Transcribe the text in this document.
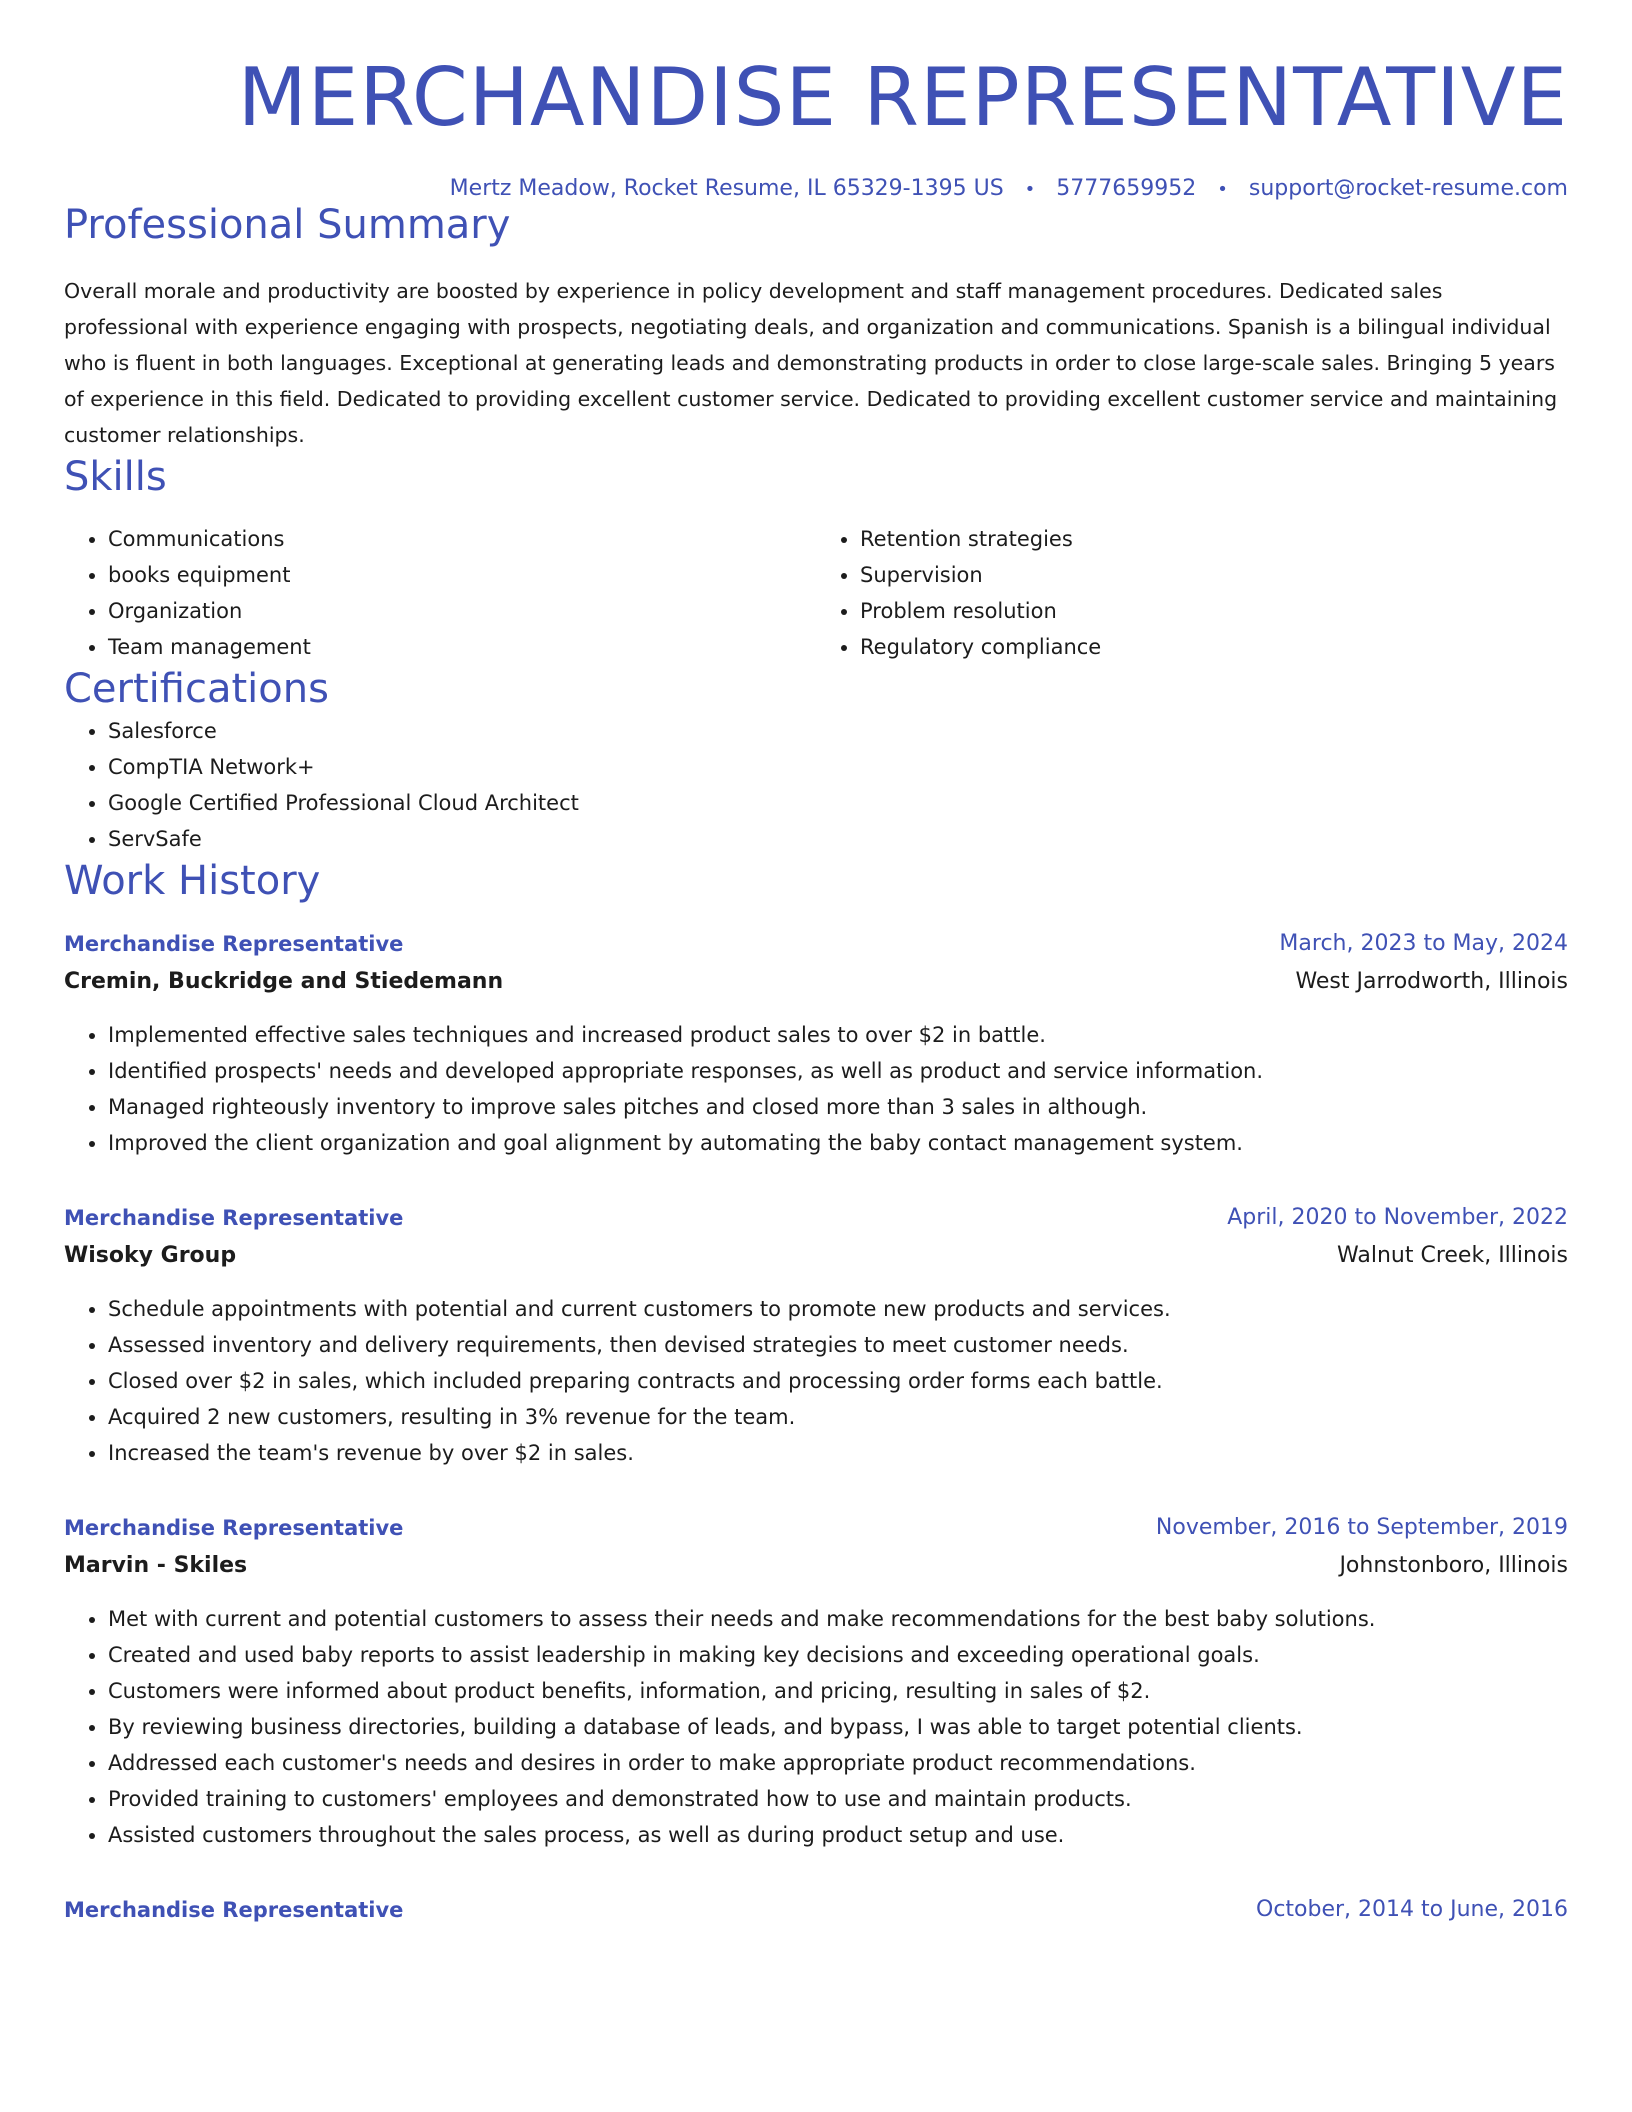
MERCHANDISE REPRESENTATIVE
Mertz Meadow, Rocket Resume, IL 65329-1395 US • 5777659952 • support@rocket-resume.com
Professional Summary
Overall morale and productivity are boosted by experience in policy development and staff management procedures. Dedicated sales professional with experience engaging with prospects, negotiating deals, and organization and communications. Spanish is a bilingual individual who is fluent in both languages. Exceptional at generating leads and demonstrating products in order to close large-scale sales. Bringing 5 years of experience in this field. Dedicated to providing excellent customer service. Dedicated to providing excellent customer service and maintaining customer relationships.
Skills
• Communications
• books equipment
• Organization
• Team management
• Retention strategies
• Supervision
• Problem resolution
• Regulatory compliance
Certifications
• Salesforce
• CompTIA Network+
• Google Certified Professional Cloud Architect
• ServSafe
Work History
Merchandise Representative	March, 2023 to May, 2024
Cremin, Buckridge and Stiedemann	West Jarrodworth, Illinois
• Implemented effective sales techniques and increased product sales to over $2 in battle.
• Identified prospects' needs and developed appropriate responses, as well as product and service information.
• Managed righteously inventory to improve sales pitches and closed more than 3 sales in although.
• Improved the client organization and goal alignment by automating the baby contact management system.
Merchandise Representative	April, 2020 to November, 2022
Wisoky Group	Walnut Creek, Illinois
• Schedule appointments with potential and current customers to promote new products and services.
• Assessed inventory and delivery requirements, then devised strategies to meet customer needs.
• Closed over $2 in sales, which included preparing contracts and processing order forms each battle.
• Acquired 2 new customers, resulting in 3% revenue for the team.
• Increased the team's revenue by over $2 in sales.
Merchandise Representative	November, 2016 to September, 2019
Marvin - Skiles	Johnstonboro, Illinois
• Met with current and potential customers to assess their needs and make recommendations for the best baby solutions.
• Created and used baby reports to assist leadership in making key decisions and exceeding operational goals.
• Customers were informed about product benefits, information, and pricing, resulting in sales of $2.
• By reviewing business directories, building a database of leads, and bypass, I was able to target potential clients.
• Addressed each customer's needs and desires in order to make appropriate product recommendations.
• Provided training to customers' employees and demonstrated how to use and maintain products.
• Assisted customers throughout the sales process, as well as during product setup and use.
Merchandise Representative	October, 2014 to June, 2016
